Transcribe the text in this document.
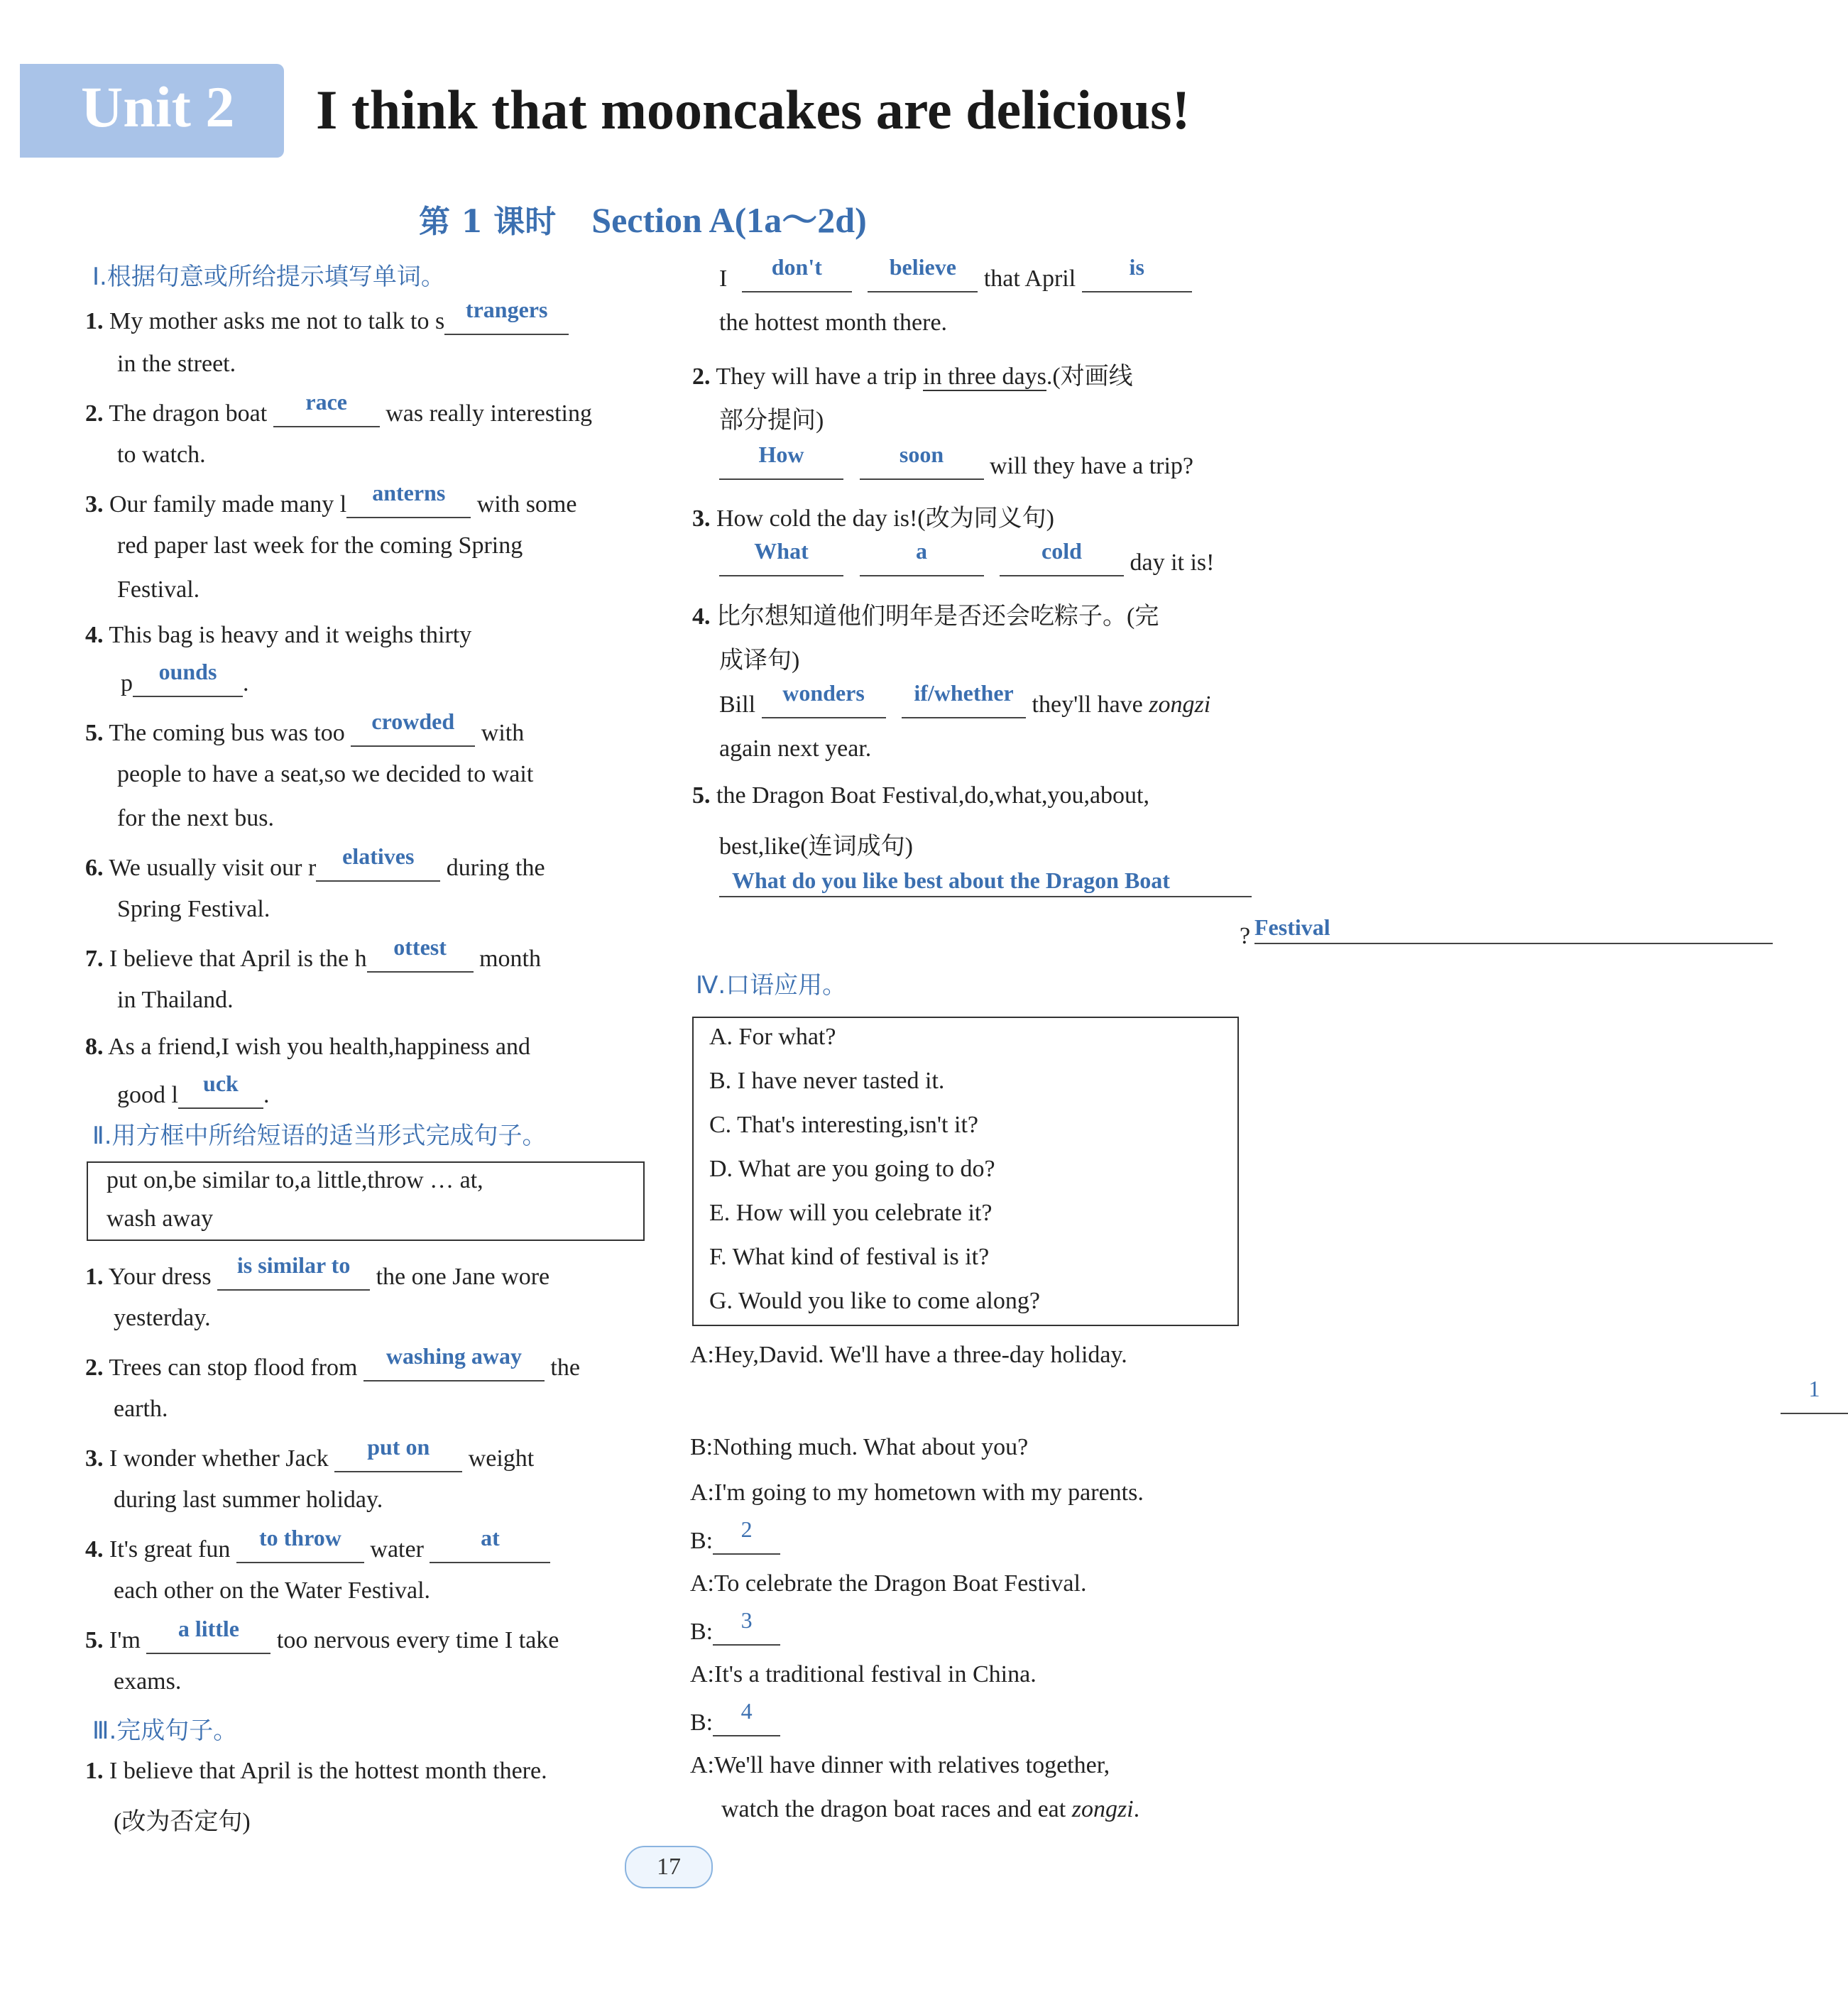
Unit 2 I think that mooncakes are delicious!
第 1 课时 Section A(1a～2d)
Ⅰ.根据句意或所给提示填写单词。
1. My mother asks me not to talk to s trangers
in the street.
2. The dragon boat race was really interesting
to watch.
3. Our family made many l anterns with some
red paper last week for the coming Spring
Festival.
4. This bag is heavy and it weighs thirty
p ounds .
5. The coming bus was too crowded with
people to have a seat,so we decided to wait
for the next bus.
6. We usually visit our r elatives during the
Spring Festival.
7. I believe that April is the h ottest month
in Thailand.
8. As a friend,I wish you health,happiness and
good l uck .
Ⅱ.用方框中所给短语的适当形式完成句子。
put on,be similar to,a little,throw … at,
wash away
1. Your dress is similar to the one Jane wore
yesterday.
2. Trees can stop flood from washing away the
earth.
3. I wonder whether Jack put on weight
during last summer holiday.
4. It's great fun to throw water	at
each other on the Water Festival.
5. I'm a little too nervous every time I take
exams.
Ⅲ.完成句子。
1. I believe that April is the hottest month there.
(改为否定句)
I don't	believe that April is
the hottest month there.
2. They will have a trip in three days.(对画线
部分提问)
How	soon will they have a trip?
3. How cold the day is!(改为同义句)
What	a	cold day it is!
4. 比尔想知道他们明年是否还会吃粽子。(完
成译句)
Bill wonders if/whether they'll have zongzi
again next year.
5. the Dragon Boat Festival,do,what,you,about,
best,like(连词成句)
What do you like best about the Dragon Boat

Festival

?
Ⅳ.口语应用。
A. For what?
B. I have never tasted it.
C. That's interesting,isn't it?
D. What are you going to do?
E. How will you celebrate it?
F. What kind of festival is it?
G. Would you like to come along?
A:Hey,David. We'll have a three-day holiday.
1
B:Nothing much. What about you?
A:I'm going to my hometown with my parents.
B: 2
A:To celebrate the Dragon Boat Festival.
B: 3
A:It's a traditional festival in China.
B: 4
A:We'll have dinner with relatives together,
watch the dragon boat races and eat zongzi.
17
